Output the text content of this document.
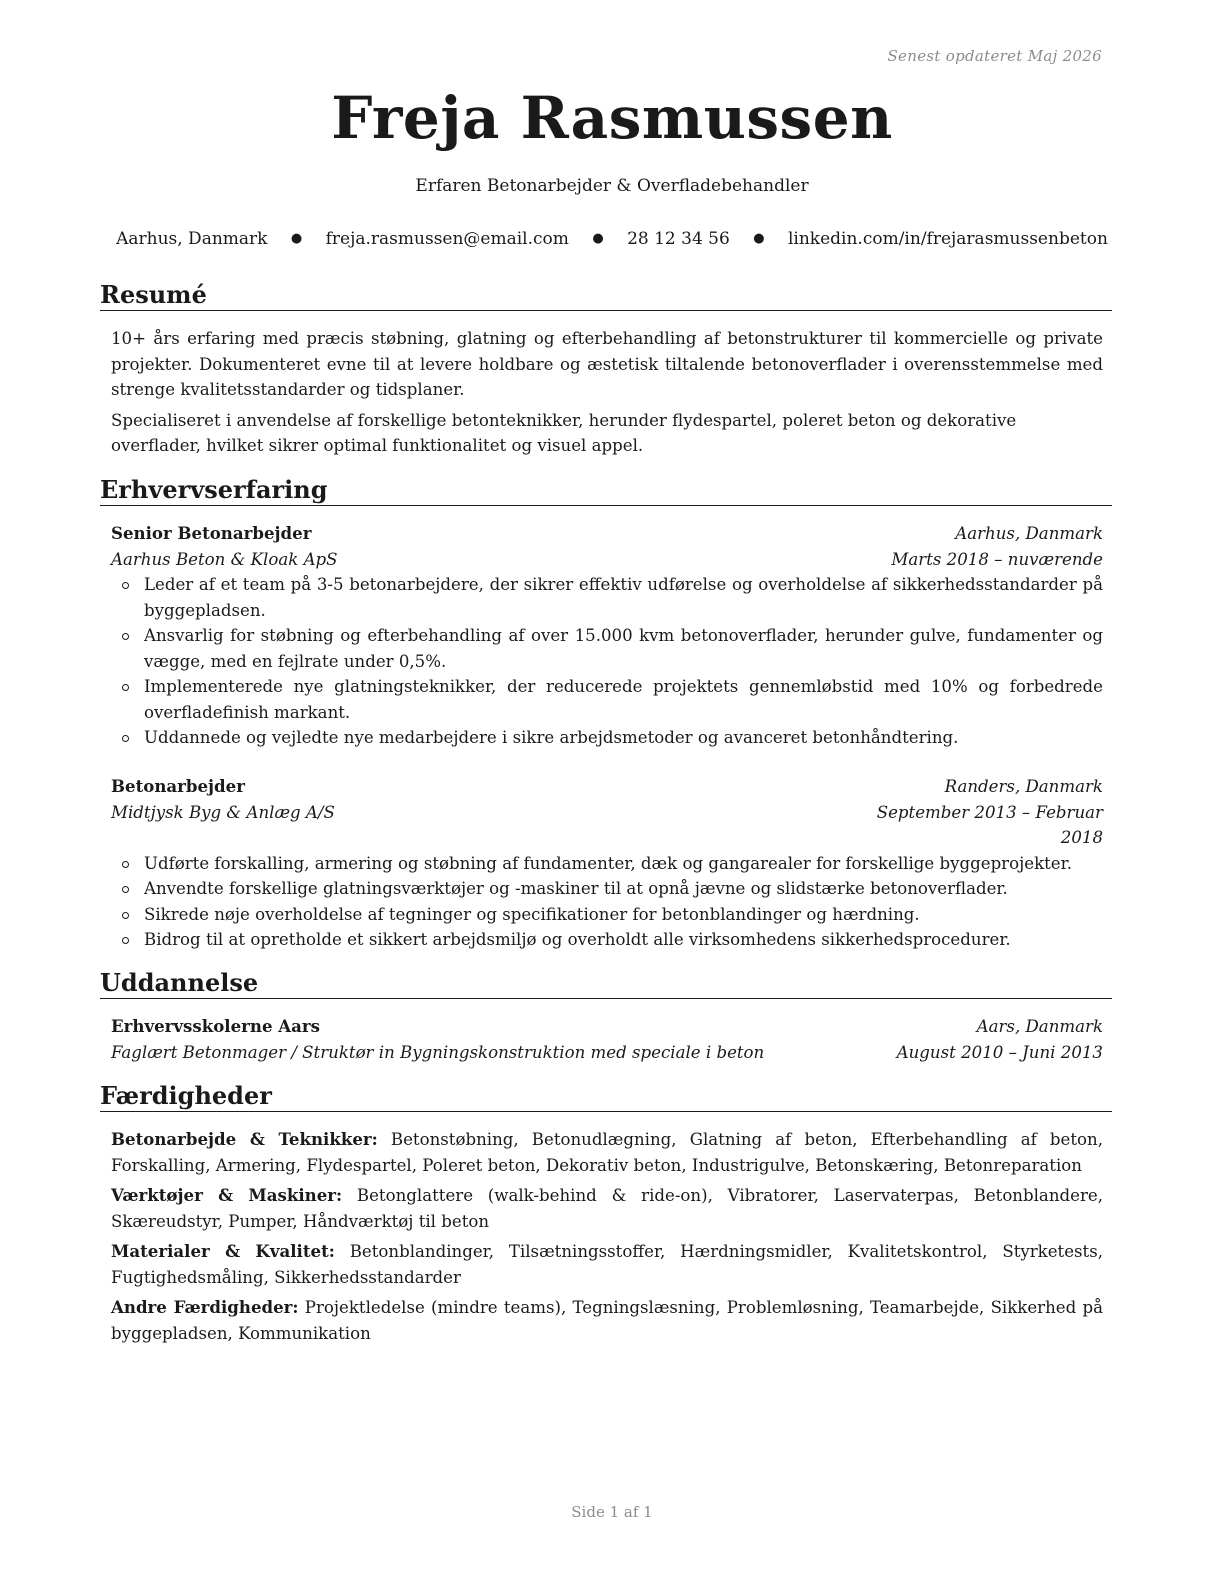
Senest opdateret Maj 2026
Freja Rasmussen
Erfaren Betonarbejder & Overfladebehandler
Aarhus, Danmark ● freja.rasmussen@email.com ● 28 12 34 56 ● linkedin.com/in/frejarasmussenbeton
Resumé

10+ års erfaring med præcis støbning, glatning og efterbehandling af betonstrukturer til kommercielle og private projekter. Dokumenteret evne til at levere holdbare og æstetisk tiltalende betonoverflader i overensstemmelse med strenge kvalitetsstandarder og tidsplaner.

Specialiseret i anvendelse af forskellige betonteknikker, herunder flydespartel, poleret beton og dekorative overflader, hvilket sikrer optimal funktionalitet og visuel appel.

Erhvervserfaring
Senior Betonarbejder	Aarhus, Danmark
Aarhus Beton & Kloak ApS	Marts 2018 – nuværende
Leder af et team på 3-5 betonarbejdere, der sikrer effektiv udførelse og overholdelse af sikkerhedsstandarder på byggepladsen.
Ansvarlig for støbning og efterbehandling af over 15.000 kvm betonoverflader, herunder gulve, fundamenter og vægge, med en fejlrate under 0,5%.
Implementerede nye glatningsteknikker, der reducerede projektets gennemløbstid med 10% og forbedrede overfladefinish markant.
Uddannede og vejledte nye medarbejdere i sikre arbejdsmetoder og avanceret betonhåndtering.
Betonarbejder	Randers, Danmark
Midtjysk Byg & Anlæg A/S	September 2013 – Februar 2018
Udførte forskalling, armering og støbning af fundamenter, dæk og gangarealer for forskellige byggeprojekter.
Anvendte forskellige glatningsværktøjer og -maskiner til at opnå jævne og slidstærke betonoverflader.
Sikrede nøje overholdelse af tegninger og specifikationer for betonblandinger og hærdning.
Bidrog til at opretholde et sikkert arbejdsmiljø og overholdt alle virksomhedens sikkerhedsprocedurer.
Uddannelse
Erhvervsskolerne Aars	Aars, Danmark
Faglært Betonmager / Struktør in Bygningskonstruktion med speciale i beton	August 2010 – Juni 2013
Færdigheder

Betonarbejde & Teknikker: Betonstøbning, Betonudlægning, Glatning af beton, Efterbehandling af beton, Forskalling, Armering, Flydespartel, Poleret beton, Dekorativ beton, Industrigulve, Betonskæring, Betonreparation

Værktøjer & Maskiner: Betonglattere (walk-behind & ride-on), Vibratorer, Laservaterpas, Betonblandere, Skæreudstyr, Pumper, Håndværktøj til beton

Materialer & Kvalitet: Betonblandinger, Tilsætningsstoffer, Hærdningsmidler, Kvalitetskontrol, Styrketests, Fugtighedsmåling, Sikkerhedsstandarder

Andre Færdigheder: Projektledelse (mindre teams), Tegningslæsning, Problemløsning, Teamarbejde, Sikkerhed på byggepladsen, Kommunikation

Side 1 af 1
